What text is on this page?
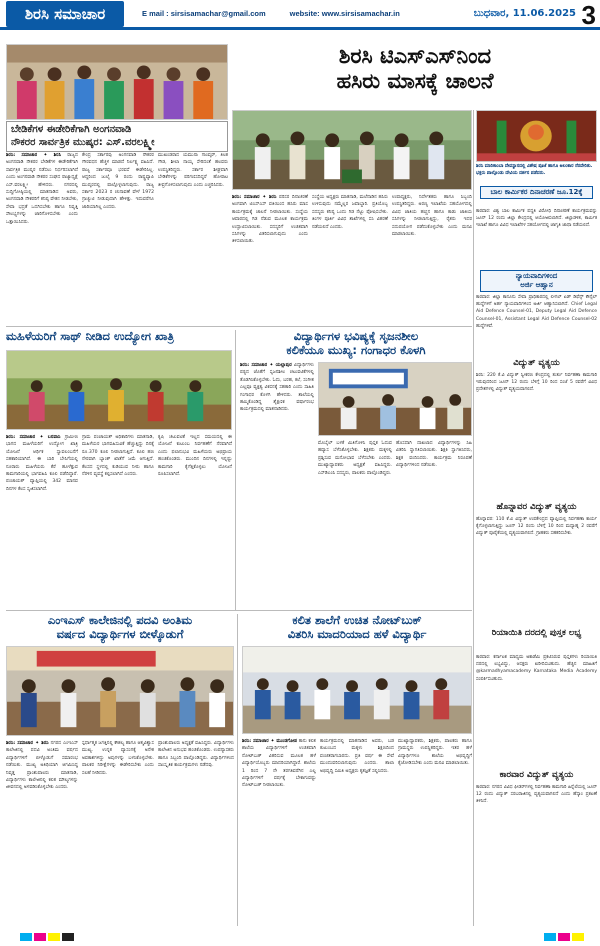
ಶಿರಸಿ ಸಮಾಚಾರ	E mail : sirsisamachar@gmail.com	website: www.sirsisamachar.in	ಬುಧವಾರ, 11.06.2025 3
ಶಿರಸಿ ಟಿಎಸ್‌ಎಸ್‌ನಿಂದ
ಹಸಿರು ಮಾಸಕ್ಕೆ ಚಾಲನೆ
ಬೇಡಿಕೆಗಳ ಈಡೇರಿಕೆಗಾಗಿ ಅಂಗನವಾಡಿ
ನೌಕರರ ಸಾರ್ವತ್ರಿಕ ಮುಷ್ಕರ: ಎಸ್.ವರಲಕ್ಷ್ಮೀ
ಶಿರಸಿ: ಸಮಾಚಾರ ✦ ಶಿರಸಿ ರಾಜ್ಯದ ಅಂಗನವಾಡಿ ನೌಕರರ ಬೇಡಿಕೆಗಳ ಈಡೇರಿಕೆಗಾಗಿ ಸಾರ್ವತ್ರಿಕ ಮುಷ್ಕರ ನಡೆಸಲು ನಿರ್ಧರಿಸಲಾಗಿದೆ ಎಂದು ಅಂಗನವಾಡಿ ನೌಕರರ ಸಂಘದ ರಾಜ್ಯಾಧ್ಯಕ್ಷೆ ಎಸ್.ವರಲಕ್ಷ್ಮೀ ಹೇಳಿದರು. ನಗರದಲ್ಲಿ ಸುದ್ದಿಗೋಷ್ಠಿಯಲ್ಲಿ ಮಾತನಾಡಿದ ಅವರು, ಅಂಗನವಾಡಿ ನೌಕರರಿಗೆ ಕನಿಷ್ಠ ವೇತನ ನೀಡಬೇಕು, ಸೇವಾ ಭದ್ರತೆ ಒದಗಿಸಬೇಕು ಹಾಗೂ ನಿವೃತ್ತಿ ಸೌಲಭ್ಯಗಳನ್ನು ಜಾರಿಗೊಳಿಸಬೇಕು ಎಂದು ಒತ್ತಾಯಿಸಿದರು.
ಕೇಂದ್ರ ಸರ್ಕಾರವು ಅಂಗನವಾಡಿ ನೌಕರರ ಗೌರವಧನ ಹೆಚ್ಚಳ ಮಾಡದೆ ನಿರ್ಲಕ್ಷ್ಯ ವಹಿಸಿದೆ. ರಾಜ್ಯ ಸರ್ಕಾರವೂ ಭರವಸೆ ಈಡೇರಿಸಿಲ್ಲ. ಆದ್ದರಿಂದ ಜುಲೈ 9 ರಂದು ರಾಷ್ಟ್ರವ್ಯಾಪಿ ಮುಷ್ಕರದಲ್ಲಿ ಪಾಲ್ಗೊಳ್ಳಲಾಗುವುದು. ರಾಜ್ಯ ಸರ್ಕಾರ 2023 ರ ಚುನಾವಣೆ ವೇಳೆ 1972 ಗ್ರಾಚ್ಯುಟಿ ನೀಡುವುದಾಗಿ ಹೇಳಿತ್ತು. ಇದುವರೆಗೂ ಜಾರಿಯಾಗಿಲ್ಲ ಎಂದರು.
ಮುಖಂಡರಾದ ಯಮುನಾ ಗಾಂವ್ಕರ್, ತಿಲಕ ಗೌಡ, ಶೀಲಾ ನಾಯ್ಕ ಸೇರಿದಂತೆ ಹಲವರು ಉಪಸ್ಥಿತರಿದ್ದರು. ಸರ್ಕಾರ ಶೀಘ್ರವಾಗಿ ಬೇಡಿಕೆಗಳನ್ನು ಪರಿಗಣಿಸದಿದ್ದರೆ ಹೋರಾಟ ತೀವ್ರಗೊಳಿಸಲಾಗುವುದು ಎಂದು ಎಚ್ಚರಿಸಿದರು.
ಶಿರಸಿ: ಸಮಾಚಾರ ✦ ಶಿರಸಿ ಪರಿಸರ ದಿನಾಚರಣೆ ಅಂಗವಾಗಿ ಟಿಎಸ್‌ಎಸ್ ವತಿಯಿಂದ ಹಸಿರು ಮಾಸ ಕಾರ್ಯಕ್ರಮಕ್ಕೆ ಚಾಲನೆ ನೀಡಲಾಯಿತು. ಸಂಸ್ಥೆಯ ಆವಾರದಲ್ಲಿ ಗಿಡ ನೆಡುವ ಮೂಲಕ ಕಾರ್ಯಕ್ರಮ ಉದ್ಘಾಟಿಸಲಾಯಿತು. ಸದಸ್ಯರಿಗೆ ಉಚಿತವಾಗಿ ಸಸಿಗಳನ್ನು ವಿತರಿಸಲಾಗುವುದು ಎಂದು ತಿಳಿಸಲಾಯಿತು.
ಸಂಸ್ಥೆಯ ಅಧ್ಯಕ್ಷರು ಮಾತನಾಡಿ, ಮಲೆನಾಡಿನ ಹಸಿರು ಉಳಿಸುವುದು ನಮ್ಮೆಲ್ಲರ ಜವಾಬ್ದಾರಿ. ಪ್ರತಿಯೊಬ್ಬ ಸದಸ್ಯರು ಕನಿಷ್ಠ ಒಂದು ಗಿಡ ನೆಟ್ಟು ಪೋಷಿಸಬೇಕು. ತಿಂಗಳ ಪೂರ್ತಿ ವಿವಿಧ ಶಾಖೆಗಳಲ್ಲಿ ಸಸಿ ವಿತರಣೆ ನಡೆಯಲಿದೆ ಎಂದರು.
ಉಪಾಧ್ಯಕ್ಷರು, ನಿರ್ದೇಶಕರು ಹಾಗೂ ಸಿಬ್ಬಂದಿ ಉಪಸ್ಥಿತರಿದ್ದರು. ಅರಣ್ಯ ಇಲಾಖೆಯ ಸಹಯೋಗದಲ್ಲಿ ವಿವಿಧ ಜಾತಿಯ ಹಣ್ಣಿನ ಹಾಗೂ ಕಾಡು ಜಾತಿಯ ಸಸಿಗಳನ್ನು ನೀಡಲಾಗುತ್ತಿದ್ದು, ರೈತರು ಇದರ ಸದುಪಯೋಗ ಪಡೆದುಕೊಳ್ಳಬೇಕು ಎಂದು ಮನವಿ ಮಾಡಲಾಯಿತು.
ಮಹಿಳೆಯರಿಗೆ ಸಾಥ್ ನೀಡಿದ ಉದ್ಯೋಗ ಖಾತ್ರಿ
ಶಿರಸಿ: ಸಮಾಚಾರ ✦ ಬನವಾಸಿ ಗ್ರಾಮೀಣ ಭಾಗದ ಮಹಿಳೆಯರಿಗೆ ಉದ್ಯೋಗ ಖಾತ್ರಿ ಯೋಜನೆ ಆರ್ಥಿಕ ಸ್ವಾವಲಂಬನೆಗೆ ಸಹಕಾರಿಯಾಗಿದೆ. ಈ ಬಾರಿ ಬೇಸಿಗೆಯಲ್ಲಿ ನೂರಾರು ಮಹಿಳೆಯರು ಕೆರೆ ಹೂಳೆತ್ತುವ ಕಾಮಗಾರಿಯಲ್ಲಿ ಭಾಗವಹಿಸಿ ಕೂಲಿ ಪಡೆದಿದ್ದಾರೆ. ಪಂಚಾಯತ್ ವ್ಯಾಪ್ತಿಯಲ್ಲಿ 342 ಮಾನವ ದಿನಗಳ ಕೆಲಸ ಸೃಜಿಸಲಾಗಿದೆ.
ಗ್ರಾಮ ಪಂಚಾಯತ್ ಅಧಿಕಾರಿಗಳು ಮಾತನಾಡಿ, ಮಹಿಳೆಯರ ಭಾಗವಹಿಸುವಿಕೆ ಹೆಚ್ಚುತ್ತಿದ್ದು ದಿನಕ್ಕೆ ರೂ.370 ಕೂಲಿ ನೀಡಲಾಗುತ್ತಿದೆ. ಕೂಲಿ ಹಣ ನೇರವಾಗಿ ಬ್ಯಾಂಕ್ ಖಾತೆಗೆ ಜಮೆ ಆಗುತ್ತಿದೆ. ಕೆಲಸದ ಸ್ಥಳದಲ್ಲಿ ಕುಡಿಯುವ ನೀರು ಹಾಗೂ ನೆರಳಿನ ವ್ಯವಸ್ಥೆ ಕಲ್ಪಿಸಲಾಗಿದೆ ಎಂದರು.
ಕೃಷಿ ಚಟುವಟಿಕೆ ಇಲ್ಲದ ಸಮಯದಲ್ಲಿ ಈ ಯೋಜನೆ ಕುಟುಂಬ ನಿರ್ವಹಣೆಗೆ ನೆರವಾಗಿದೆ ಎಂದು ಫಲಾನುಭವಿ ಮಹಿಳೆಯರು ಅಭಿಪ್ರಾಯ ಹಂಚಿಕೊಂಡರು. ಮುಂದಿನ ದಿನಗಳಲ್ಲಿ ಇನ್ನಷ್ಟು ಕಾಮಗಾರಿ ಕೈಗೆತ್ತಿಕೊಳ್ಳಲು ಯೋಜನೆ ರೂಪಿಸಲಾಗಿದೆ.
ವಿದ್ಯಾರ್ಥಿಗಳ ಭವಿಷ್ಯಕ್ಕೆ ಸೃಜನಶೀಲ
ಕಲಿಕೆಯೂ ಮುಖ್ಯ: ಗಂಗಾಧರ ಕೊಳಗಿ
ಶಿರಸಿ: ಸಮಾಚಾರ ✦ ಯಲ್ಲಾಪುರ ವಿದ್ಯಾರ್ಥಿಗಳು ಪಠ್ಯದ ಜೊತೆಗೆ ಸೃಜನಶೀಲ ಚಟುವಟಿಕೆಗಳಲ್ಲಿ ತೊಡಗಿಸಿಕೊಳ್ಳಬೇಕು. ಓದು, ಬರಹ, ಕಲೆ, ಸಂಗೀತ ಎಲ್ಲವೂ ವ್ಯಕ್ತಿತ್ವ ವಿಕಸನಕ್ಕೆ ಸಹಕಾರಿ ಎಂದು ಸಾಹಿತಿ ಗಂಗಾಧರ ಕೊಳಗಿ ಹೇಳಿದರು. ಶಾಲೆಯಲ್ಲಿ ಹಮ್ಮಿಕೊಂಡಿದ್ದ ಶೈಕ್ಷಣಿಕ ವರ್ಷಾರಂಭ ಕಾರ್ಯಕ್ರಮದಲ್ಲಿ ಮಾತನಾಡಿದರು.
ಮೊಬೈಲ್ ಬಳಕೆ ಮಿತಿಗೊಳಿಸಿ ಪುಸ್ತಕ ಓದುವ ಹವ್ಯಾಸ ಬೆಳೆಸಿಕೊಳ್ಳಬೇಕು. ಶಿಕ್ಷಕರು ಮಕ್ಕಳಲ್ಲಿ ಪ್ರಶ್ನಿಸುವ ಮನೋಭಾವ ಬೆಳೆಸಬೇಕು ಎಂದರು. ಮುಖ್ಯಾಧ್ಯಾಪಕರು ಅಧ್ಯಕ್ಷತೆ ವಹಿಸಿದ್ದರು. ಎಸ್‌ಡಿಎಂಸಿ ಸದಸ್ಯರು, ಪಾಲಕರು ಪಾಲ್ಗೊಂಡಿದ್ದರು.
ಹೊಸದಾಗಿ ದಾಖಲಾದ ವಿದ್ಯಾರ್ಥಿಗಳನ್ನು ಸಿಹಿ ವಿತರಿಸಿ ಸ್ವಾಗತಿಸಲಾಯಿತು. ಶಿಕ್ಷಕಿ ಸ್ವಾಗತಿಸಿದರು, ಶಿಕ್ಷಕ ವಂದಿಸಿದರು. ಕಾರ್ಯಕ್ರಮ ನಿರೂಪಣೆ ವಿದ್ಯಾರ್ಥಿಗಳಿಂದ ನಡೆಯಿತು.
ಎಂಇಎಸ್ ಕಾಲೇಜಿನಲ್ಲಿ ಪದವಿ ಅಂತಿಮ
ವರ್ಷದ ವಿದ್ಯಾರ್ಥಿಗಳ ಬೀಳ್ಕೊಡುಗೆ
ಶಿರಸಿ: ಸಮಾಚಾರ ✦ ಶಿರಸಿ ನಗರದ ಎಂಇಎಸ್ ಕಾಲೇಜಿನಲ್ಲಿ ಪದವಿ ಅಂತಿಮ ವರ್ಷದ ವಿದ್ಯಾರ್ಥಿಗಳಿಗೆ ಬೀಳ್ಕೊಡುಗೆ ಸಮಾರಂಭ ನಡೆಯಿತು. ಮುಖ್ಯ ಅತಿಥಿಯಾಗಿ ಆಗಮಿಸಿದ್ದ ನಿವೃತ್ತ ಪ್ರಾಂಶುಪಾಲರು ಮಾತನಾಡಿ, ವಿದ್ಯಾರ್ಥಿಗಳು ಕಾಲೇಜಿನಲ್ಲಿ ಕಲಿತ ಮೌಲ್ಯಗಳನ್ನು ಜೀವನದಲ್ಲಿ ಅಳವಡಿಸಿಕೊಳ್ಳಬೇಕು ಎಂದರು.
ಸ್ಪರ್ಧಾತ್ಮಕ ಜಗತ್ತಿನಲ್ಲಿ ಕೌಶಲ್ಯ ಹಾಗೂ ಆತ್ಮವಿಶ್ವಾಸ ಮುಖ್ಯ. ಉನ್ನತ ವ್ಯಾಸಂಗಕ್ಕೆ ಅನೇಕ ಅವಕಾಶಗಳಿದ್ದು ಅವುಗಳನ್ನು ಬಳಸಿಕೊಳ್ಳಬೇಕು. ಪಾಲಕರ ನಿರೀಕ್ಷೆಗಳನ್ನು ಈಡೇರಿಸಬೇಕು ಎಂದು ಸಲಹೆ ನೀಡಿದರು.
ಪ್ರಾಂಶುಪಾಲರು ಅಧ್ಯಕ್ಷತೆ ವಹಿಸಿದ್ದರು. ವಿದ್ಯಾರ್ಥಿಗಳು ಕಾಲೇಜಿನ ಅನುಭವ ಹಂಚಿಕೊಂಡರು. ಉಪನ್ಯಾಸಕರು ಹಾಗೂ ಸಿಬ್ಬಂದಿ ಪಾಲ್ಗೊಂಡಿದ್ದರು. ವಿದ್ಯಾರ್ಥಿಗಳಿಂದ ಸಾಂಸ್ಕೃತಿಕ ಕಾರ್ಯಕ್ರಮಗಳು ನಡೆದವು.
ಕಲಿತ ಶಾಲೆಗೆ ಉಚಿತ ನೋಟ್‌ಬುಕ್
ವಿತರಿಸಿ ಮಾದರಿಯಾದ ಹಳೆ ವಿದ್ಯಾರ್ಥಿ
ಶಿರಸಿ: ಸಮಾಚಾರ ✦ ಮುಂಡಗೋಡ ತಾನು ಕಲಿತ ಶಾಲೆಯ ವಿದ್ಯಾರ್ಥಿಗಳಿಗೆ ಉಚಿತವಾಗಿ ನೋಟ್‌ಬುಕ್ ವಿತರಿಸುವ ಮೂಲಕ ಹಳೆ ವಿದ್ಯಾರ್ಥಿಯೊಬ್ಬರು ಮಾದರಿಯಾಗಿದ್ದಾರೆ. ಶಾಲೆಯ 1 ರಿಂದ 7 ನೇ ತರಗತಿವರೆಗಿನ ಎಲ್ಲ ವಿದ್ಯಾರ್ಥಿಗಳಿಗೆ ವರ್ಷಕ್ಕೆ ಬೇಕಾಗುವಷ್ಟು ನೋಟ್‌ಬುಕ್ ನೀಡಲಾಯಿತು.
ಕಾರ್ಯಕ್ರಮದಲ್ಲಿ ಮಾತನಾಡಿದ ಅವರು, ಬಡ ಕುಟುಂಬದ ಮಕ್ಕಳು ಶಿಕ್ಷಣದಿಂದ ವಂಚಿತರಾಗಬಾರದು. ಪ್ರತಿ ವರ್ಷ ಈ ಸೇವೆ ಮುಂದುವರಿಸಲಾಗುವುದು ಎಂದರು. ಶಾಲಾ ಅಭಿವೃದ್ಧಿ ಸಮಿತಿ ಅಧ್ಯಕ್ಷರು ಕೃತಜ್ಞತೆ ಸಲ್ಲಿಸಿದರು.
ಮುಖ್ಯಾಧ್ಯಾಪಕರು, ಶಿಕ್ಷಕರು, ಪಾಲಕರು ಹಾಗೂ ಗ್ರಾಮಸ್ಥರು ಉಪಸ್ಥಿತರಿದ್ದರು. ಇತರ ಹಳೆ ವಿದ್ಯಾರ್ಥಿಗಳೂ ಶಾಲೆಯ ಅಭಿವೃದ್ಧಿಗೆ ಕೈಜೋಡಿಸಬೇಕು ಎಂದು ಮನವಿ ಮಾಡಲಾಯಿತು.
ಶಿರಸಿ ಮಾರಿಕಾಂಬಾ ದೇವಸ್ಥಾನದಲ್ಲಿ ವಿಶೇಷ ಪೂಜೆ ಹಾಗೂ ಅಲಂಕಾರ ನೆರವೇರಿತು. ಭಕ್ತರು ಪಾಲ್ಗೊಂಡು ದೇವಿಯ ದರ್ಶನ ಪಡೆದರು.
ಬಾಲ ಕಾರ್ಮಿಕರ ದಿನಾಚರಣೆ ಜೂ.12ಕ್ಕೆ
ಕಾರವಾರ: ವಿಶ್ವ ಬಾಲ ಕಾರ್ಮಿಕ ಪದ್ಧತಿ ವಿರೋಧಿ ದಿನಾಚರಣೆ ಕಾರ್ಯಕ್ರಮವನ್ನು ಜೂನ್ 12 ರಂದು ಜಿಲ್ಲಾ ಕೇಂದ್ರದಲ್ಲಿ ಆಯೋಜಿಸಲಾಗಿದೆ. ಜಿಲ್ಲಾಡಳಿತ, ಕಾರ್ಮಿಕ ಇಲಾಖೆ ಹಾಗೂ ವಿವಿಧ ಇಲಾಖೆಗಳ ಸಹಯೋಗದಲ್ಲಿ ಜಾಗೃತಿ ಜಾಥಾ ನಡೆಯಲಿದೆ.
ನ್ಯಾಯವಾದಿಗಳಿಂದ
ಅರ್ಜಿ ಆಹ್ವಾನ
ಕಾರವಾರ: ಜಿಲ್ಲಾ ಕಾನೂನು ಸೇವಾ ಪ್ರಾಧಿಕಾರದಲ್ಲಿ ಲೀಗಲ್ ಏಡ್ ಡಿಫೆನ್ಸ್ ಕೌನ್ಸೆಲ್ ಹುದ್ದೆಗಳಿಗೆ ಅರ್ಹ ನ್ಯಾಯವಾದಿಗಳಿಂದ ಅರ್ಜಿ ಆಹ್ವಾನಿಸಲಾಗಿದೆ. Chief Legal Aid Defence Counsel-01, Deputy Legal Aid Defence Counsel-01, Assistant Legal Aid Defence Counsel-02 ಹುದ್ದೆಗಳಿವೆ.
ವಿದ್ಯುತ್ ವ್ಯತ್ಯಯ
ಶಿರಸಿ: 220 ಕೆ.ವಿ ವಿದ್ಯುತ್ ಸ್ವೀಕರಣ ಕೇಂದ್ರದಲ್ಲಿ ತುರ್ತು ನಿರ್ವಹಣಾ ಕಾಮಗಾರಿ ಇರುವುದರಿಂದ ಜೂನ್ 12 ರಂದು ಬೆಳಿಗ್ಗೆ 10 ರಿಂದ ಸಂಜೆ 5 ರವರೆಗೆ ವಿವಿಧ ಪ್ರದೇಶಗಳಲ್ಲಿ ವಿದ್ಯುತ್ ವ್ಯತ್ಯಯವಾಗಲಿದೆ.
ಹೊನ್ನಾವರ ವಿದ್ಯುತ್ ವ್ಯತ್ಯಯ
ಹೊನ್ನಾವರ: 110 ಕೆ.ವಿ ವಿದ್ಯುತ್ ಉಪಕೇಂದ್ರದ ವ್ಯಾಪ್ತಿಯಲ್ಲಿ ನಿರ್ವಹಣಾ ಕಾರ್ಯ ಕೈಗೊಳ್ಳಲಾಗುತ್ತಿದ್ದು ಜೂನ್ 12 ರಂದು ಬೆಳಿಗ್ಗೆ 10 ರಿಂದ ಮಧ್ಯಾಹ್ನ 2 ರವರೆಗೆ ವಿದ್ಯುತ್ ಪೂರೈಕೆಯಲ್ಲಿ ವ್ಯತ್ಯಯವಾಗಲಿದೆ. ಗ್ರಾಹಕರು ಸಹಕರಿಸಬೇಕು.
ರಿಯಾಯಿತಿ ದರದಲ್ಲಿ ಪುಸ್ತಕ ಲಭ್ಯ
ಕಾರವಾರ: ಕರ್ನಾಟಕ ಮಾಧ್ಯಮ ಅಕಾಡೆಮಿ ಪ್ರಕಟಿಸಿರುವ ಪುಸ್ತಕಗಳು ರಿಯಾಯಿತಿ ದರದಲ್ಲಿ ಲಭ್ಯವಿದ್ದು, ಆಸಕ್ತರು ಖರೀದಿಸಬಹುದು. ಹೆಚ್ಚಿನ ಮಾಹಿತಿಗೆ @karmadhyamacademy Karnataka Media Academy ಸಂಪರ್ಕಿಸಬಹುದು.
ಕಾರವಾರ ವಿದ್ಯುತ್ ವ್ಯತ್ಯಯ
ಕಾರವಾರ: ನಗರದ ವಿವಿಧ ಫೀಡರ್‌ಗಳಲ್ಲಿ ನಿರ್ವಹಣಾ ಕಾಮಗಾರಿ ಹಿನ್ನೆಲೆಯಲ್ಲಿ ಜೂನ್ 12 ರಂದು ವಿದ್ಯುತ್ ಸರಬರಾಜಿನಲ್ಲಿ ವ್ಯತ್ಯಯವಾಗಲಿದೆ ಎಂದು ಹೆಸ್ಕಾಂ ಪ್ರಕಟಣೆ ತಿಳಿಸಿದೆ.
